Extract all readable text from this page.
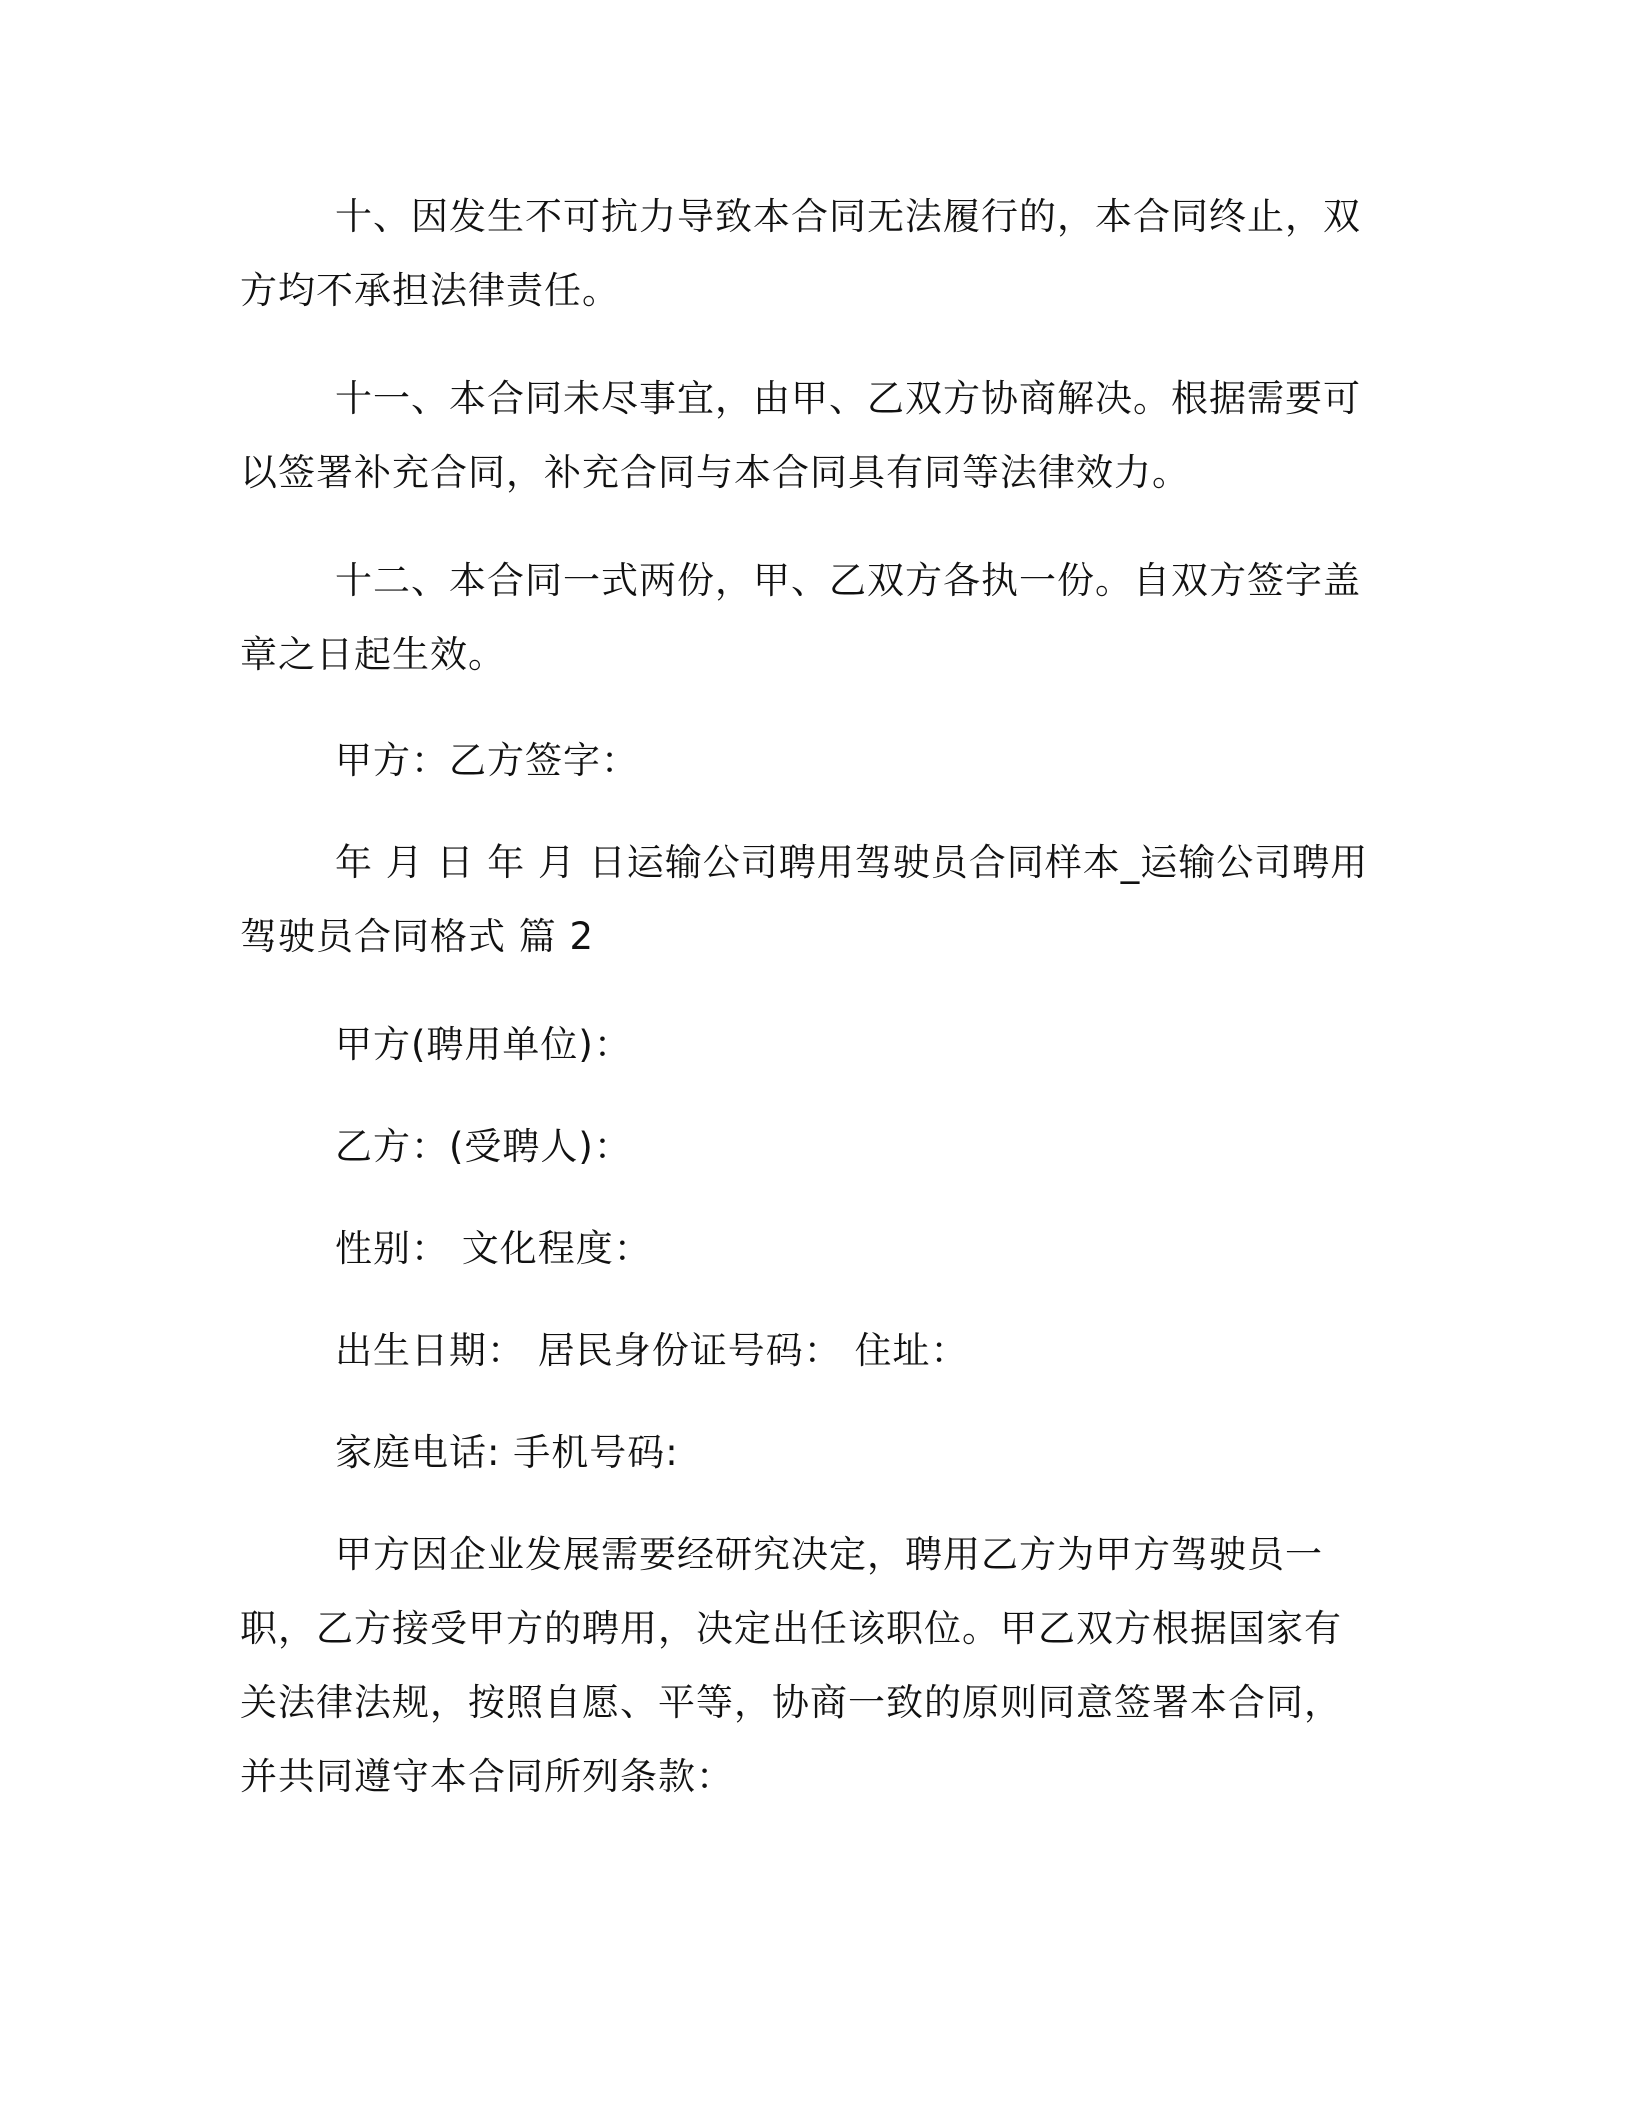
十、因发生不可抗力导致本合同无法履行的，本合同终止，双方均不承担法律责任。

十一、本合同未尽事宜，由甲、乙双方协商解决。根据需要可以签署补充合同，补充合同与本合同具有同等法律效力。

十二、本合同一式两份，甲、乙双方各执一份。自双方签字盖章之日起生效。

甲方：乙方签字：

年 月 日 年 月 日运输公司聘用驾驶员合同样本_运输公司聘用驾驶员合同格式 篇 2

甲方(聘用单位)：

乙方：(受聘人)：

性别： 文化程度：

出生日期： 居民身份证号码： 住址：

家庭电话: 手机号码:

甲方因企业发展需要经研究决定，聘用乙方为甲方驾驶员一职，乙方接受甲方的聘用，决定出任该职位。甲乙双方根据国家有关法律法规，按照自愿、平等，协商一致的原则同意签署本合同，并共同遵守本合同所列条款：
